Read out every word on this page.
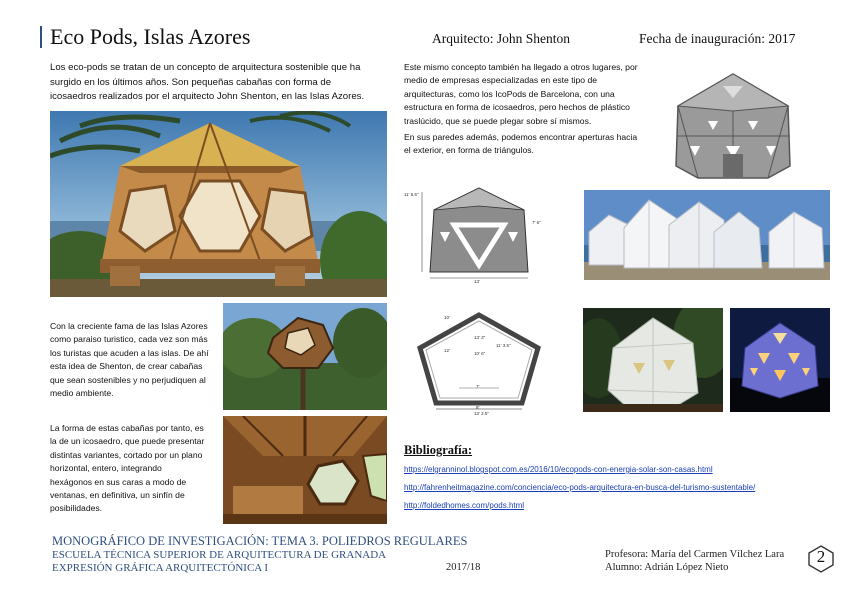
Eco Pods, Islas Azores	Arquitecto: John Shenton	Fecha de inauguración: 2017
Los eco-pods se tratan de un concepto de arquitectura sostenible que ha
surgido en los últimos años. Son pequeñas cabañas con forma de
icosaedros realizados por el arquitecto John Shenton, en las Islas Azores.
Con la creciente fama de las Islas Azores
como paraiso turistico, cada vez son más
los turistas que acuden a las islas. De ahí
esta idea de Shenton, de crear cabañas
que sean sostenibles y no perjudiquen al
medio ambiente.
La forma de estas cabañas por tanto, es
la de un icosaedro, que puede presentar
distintas variantes, cortado por un plano
horizontal, entero, integrando
hexágonos en sus caras a modo de
ventanas, en definitiva, un sinfín de
posibilidades.
Este mismo concepto también ha llegado a otros lugares, por
medio de empresas especializadas en este tipo de
arquitecturas, como los IcoPods de Barcelona, con una
estructura en forma de icosaedros, pero hechos de plástico
traslúcido, que se puede plegar sobre sí mismos.
En sus paredes además, podemos encontrar aperturas hacia
el exterior, en forma de triángulos.
11' 6.5"
13'
7' 6"
10'
13' 3"
11' 3.5"
12'
10' 6"
7'
8'
13' 2.5"
Bibliografía:
https://elgranninol.blogspot.com.es/2016/10/ecopods-con-energia-solar-son-casas.html
http://fahrenheitmagazine.com/conciencia/eco-pods-arquitectura-en-busca-del-turismo-sustentable/
http://foldedhomes.com/pods.html
MONOGRÁFICO DE INVESTIGACIÓN: TEMA 3. POLIEDROS REGULARES
ESCUELA TÉCNICA SUPERIOR DE ARQUITECTURA DE GRANADA
EXPRESIÓN GRÁFICA ARQUITECTÓNICA I	2017/18
Profesora: María del Carmen Vílchez Lara
Alumno: Adrián López Nieto
2
